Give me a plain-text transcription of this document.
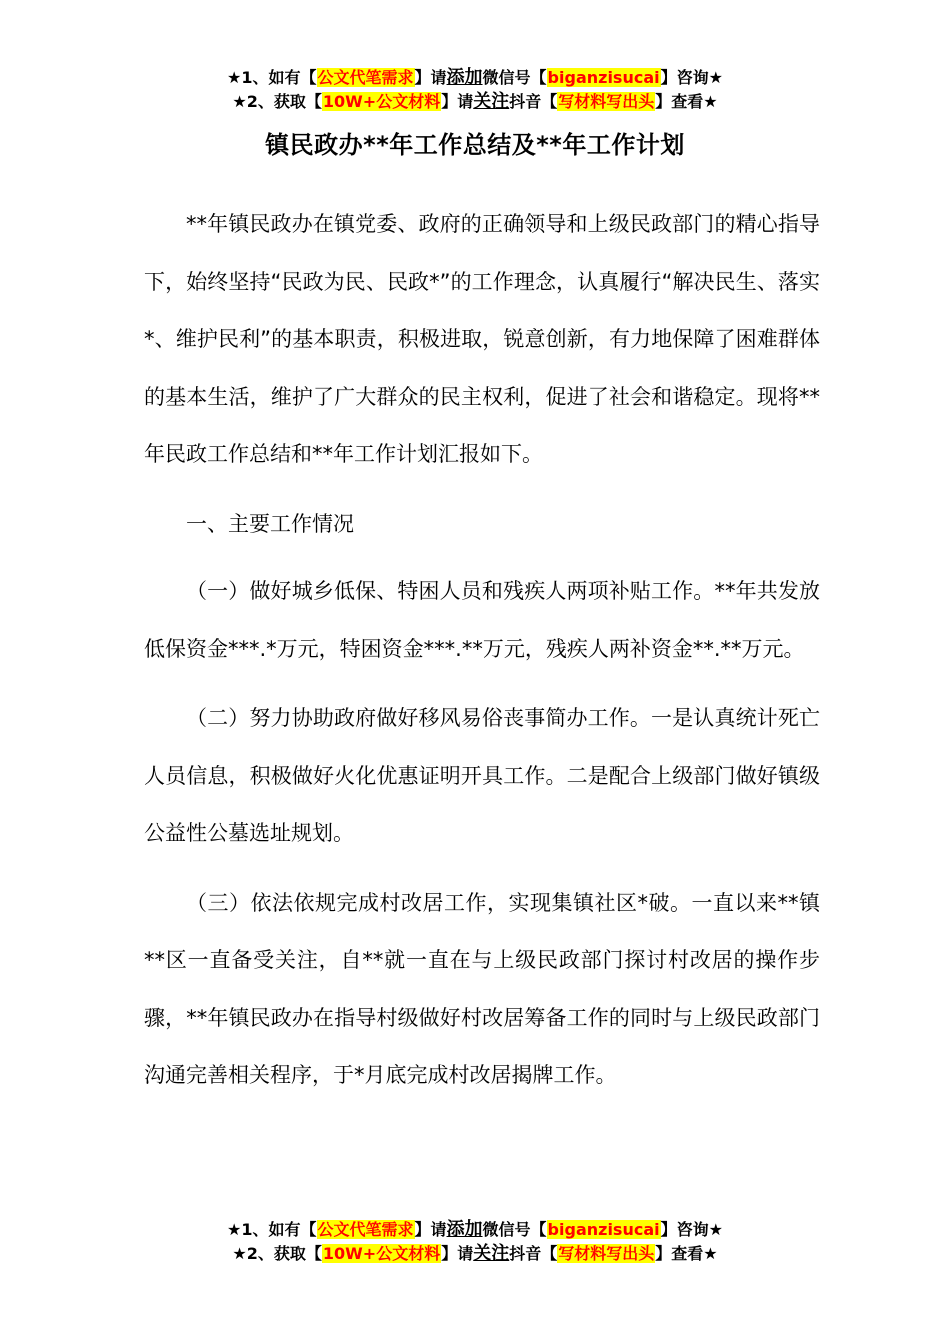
★1、如有【公文代笔需求】请添加微信号【biganzisucai】咨询★
★2、获取【10W+公文材料】请关注抖音【写材料写出头】查看★
镇民政办**年工作总结及**年工作计划

**年镇民政办在镇党委、政府的正确领导和上级民政部门的精心指导下，始终坚持“民政为民、民政*”的工作理念，认真履行“解决民生、落实*、维护民利”的基本职责，积极进取，锐意创新，有力地保障了困难群体的基本生活，维护了广大群众的民主权利，促进了社会和谐稳定。现将**年民政工作总结和**年工作计划汇报如下。

一、主要工作情况

（一）做好城乡低保、特困人员和残疾人两项补贴工作。**年共发放低保资金***.*万元，特困资金***.**万元，残疾人两补资金**.**万元。

（二）努力协助政府做好移风易俗丧事简办工作。一是认真统计死亡人员信息，积极做好火化优惠证明开具工作。二是配合上级部门做好镇级公益性公墓选址规划。

（三）依法依规完成村改居工作，实现集镇社区*破。一直以来**镇**区一直备受关注，自**就一直在与上级民政部门探讨村改居的操作步骤，**年镇民政办在指导村级做好村改居筹备工作的同时与上级民政部门沟通完善相关程序，于*月底完成村改居揭牌工作。

★1、如有【公文代笔需求】请添加微信号【biganzisucai】咨询★
★2、获取【10W+公文材料】请关注抖音【写材料写出头】查看★
